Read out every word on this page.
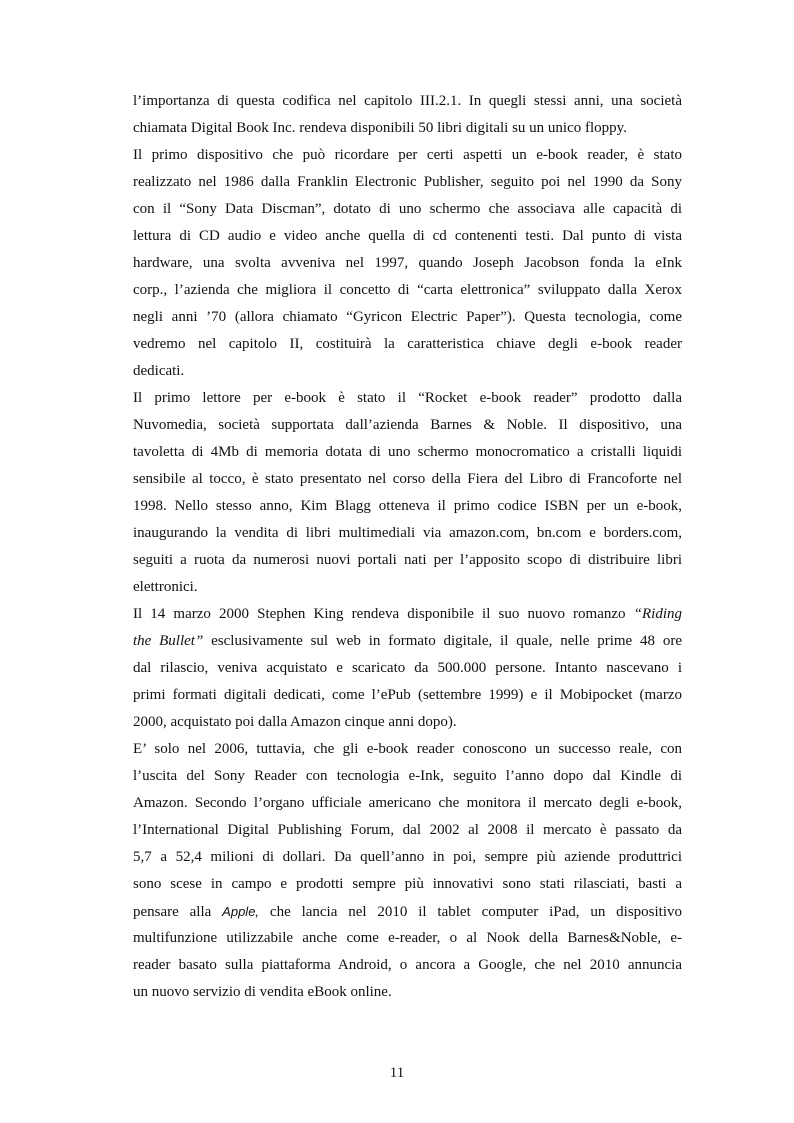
l’importanza di questa codifica nel capitolo III.2.1. In quegli stessi anni, una società
chiamata Digital Book Inc. rendeva disponibili 50 libri digitali su un unico floppy.
Il primo dispositivo che può ricordare per certi aspetti un e-book reader, è stato
realizzato nel 1986 dalla Franklin Electronic Publisher, seguito poi nel 1990 da Sony
con il “Sony Data Discman”, dotato di uno schermo che associava alle capacità di
lettura di CD audio e video anche quella di cd contenenti testi. Dal punto di vista
hardware, una svolta avveniva nel 1997, quando Joseph Jacobson fonda la eInk
corp., l’azienda che migliora il concetto di “carta elettronica” sviluppato dalla Xerox
negli anni ’70 (allora chiamato “Gyricon Electric Paper”). Questa tecnologia, come
vedremo nel capitolo II, costituirà la caratteristica chiave degli e-book reader
dedicati.
Il primo lettore per e-book è stato il “Rocket e-book reader” prodotto dalla
Nuvomedia, società supportata dall’azienda Barnes & Noble. Il dispositivo, una
tavoletta di 4Mb di memoria dotata di uno schermo monocromatico a cristalli liquidi
sensibile al tocco, è stato presentato nel corso della Fiera del Libro di Francoforte nel
1998. Nello stesso anno, Kim Blagg otteneva il primo codice ISBN per un e-book,
inaugurando la vendita di libri multimediali via amazon.com, bn.com e borders.com,
seguiti a ruota da numerosi nuovi portali nati per l’apposito scopo di distribuire libri
elettronici.
Il 14 marzo 2000 Stephen King rendeva disponibile il suo nuovo romanzo “Riding
the Bullet” esclusivamente sul web in formato digitale, il quale, nelle prime 48 ore
dal rilascio, veniva acquistato e scaricato da 500.000 persone. Intanto nascevano i
primi formati digitali dedicati, come l’ePub (settembre 1999) e il Mobipocket (marzo
2000, acquistato poi dalla Amazon cinque anni dopo).
E’ solo nel 2006, tuttavia, che gli e-book reader conoscono un successo reale, con
l’uscita del Sony Reader con tecnologia e-Ink, seguito l’anno dopo dal Kindle di
Amazon. Secondo l’organo ufficiale americano che monitora il mercato degli e-book,
l’International Digital Publishing Forum, dal 2002 al 2008 il mercato è passato da
5,7 a 52,4 milioni di dollari. Da quell’anno in poi, sempre più aziende produttrici
sono scese in campo e prodotti sempre più innovativi sono stati rilasciati, basti a
pensare alla Apple, che lancia nel 2010 il tablet computer iPad, un dispositivo
multifunzione utilizzabile anche come e-reader, o al Nook della Barnes&Noble, e-
reader basato sulla piattaforma Android, o ancora a Google, che nel 2010 annuncia
un nuovo servizio di vendita eBook online.
11
